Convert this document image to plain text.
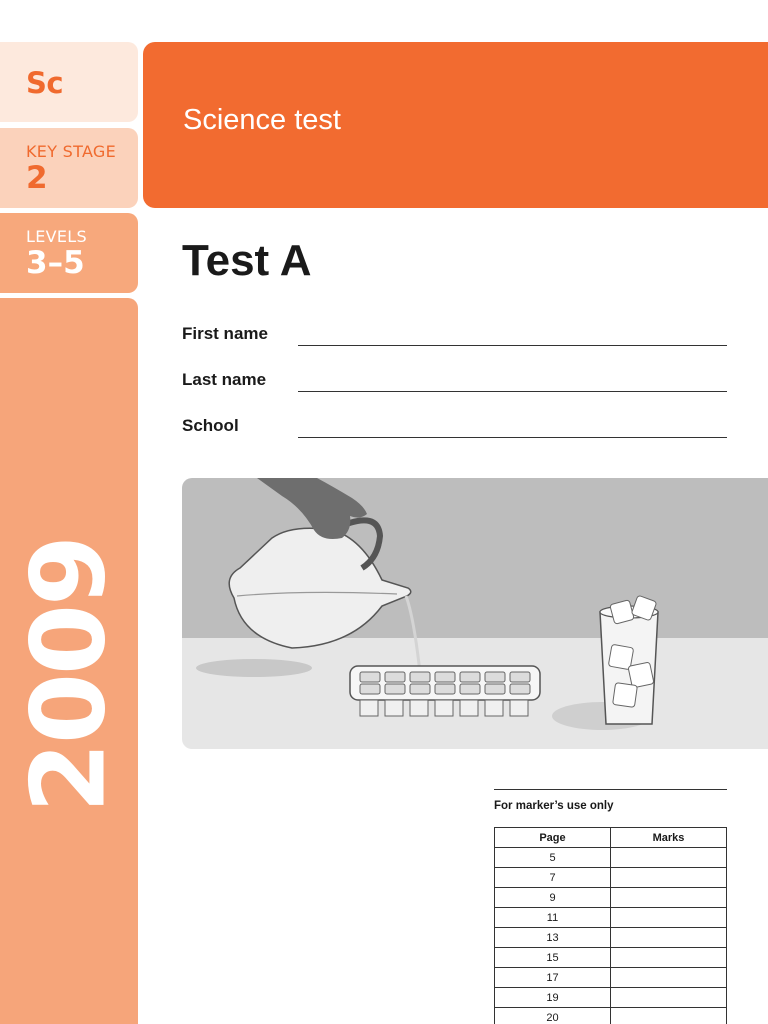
Sc
KEY STAGE
2
LEVELS
3–5
2009
Science test
Test A
First name
Last name
School
For marker’s use only
Page	Marks
5	
7	
9	
11	
13	
15	
17	
19	
20	
